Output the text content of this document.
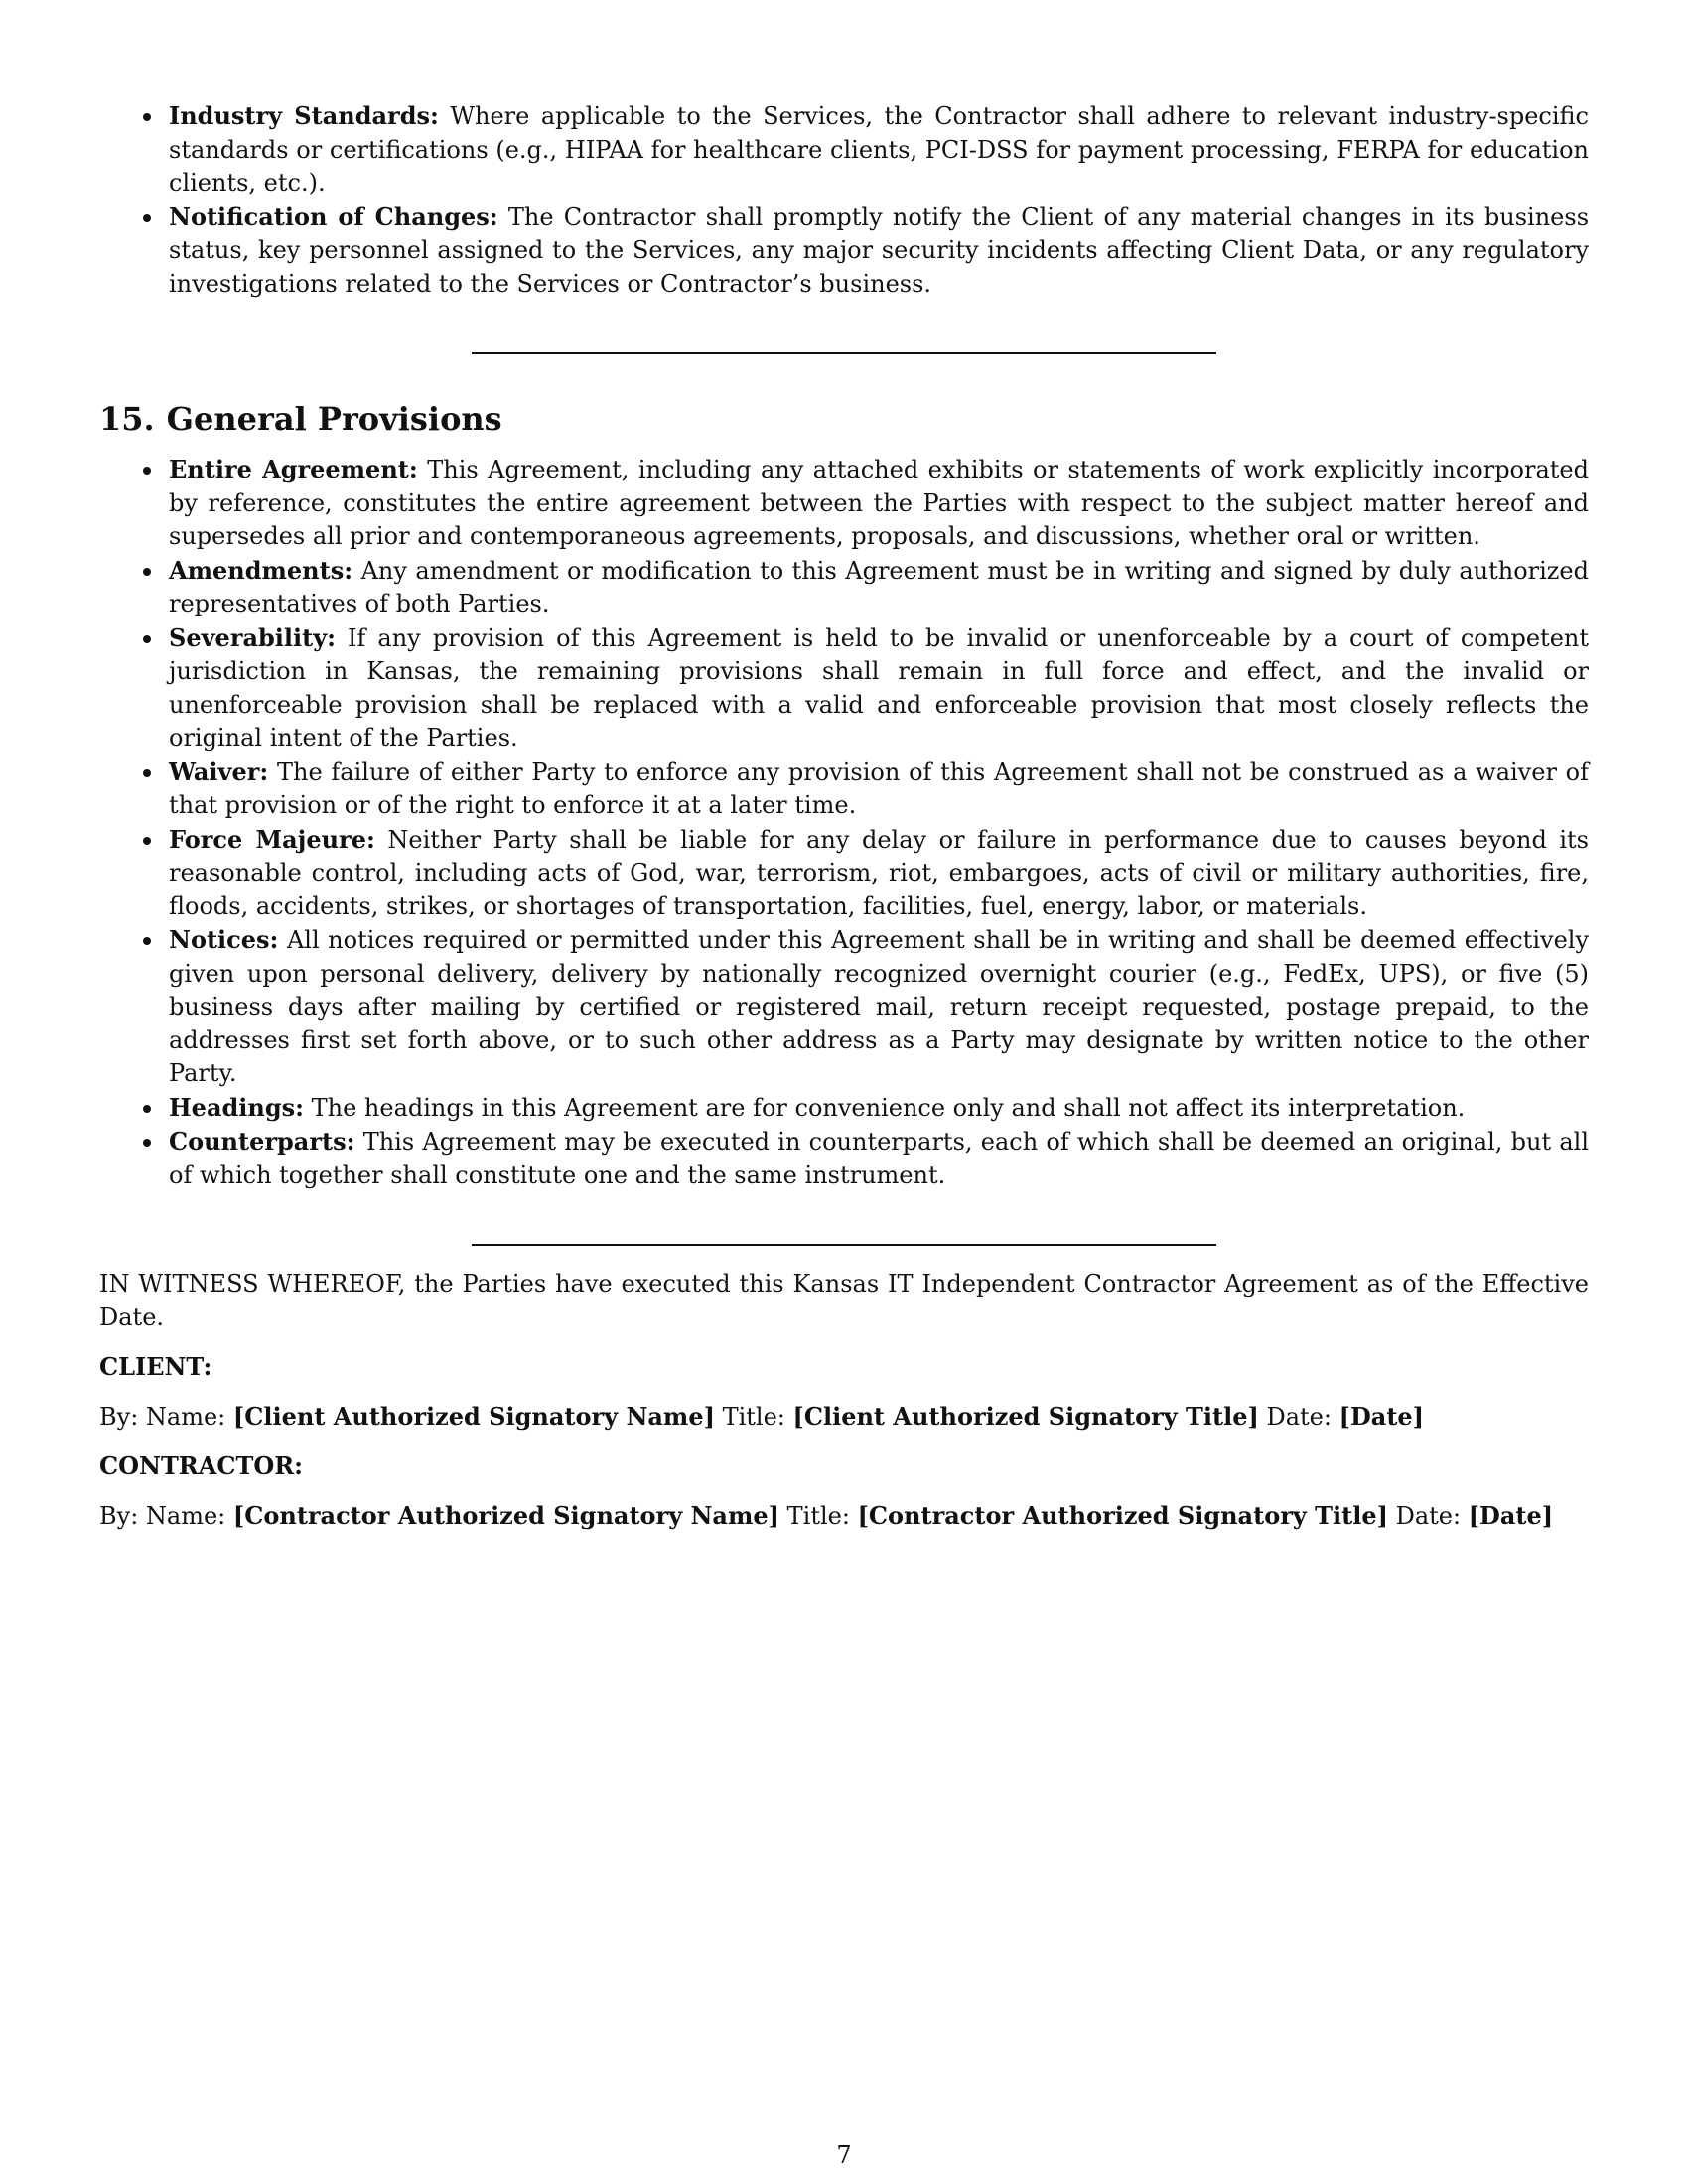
Industry Standards: Where applicable to the Services, the Contractor shall adhere to relevant industry-specific standards or certifications (e.g., HIPAA for healthcare clients, PCI-DSS for payment processing, FERPA for education clients, etc.).
Notification of Changes: The Contractor shall promptly notify the Client of any material changes in its business status, key personnel assigned to the Services, any major security incidents affecting Client Data, or any regulatory investigations related to the Services or Contractor’s business.
15. General Provisions
Entire Agreement: This Agreement, including any attached exhibits or statements of work explicitly incorporated by reference, constitutes the entire agreement between the Parties with respect to the subject matter hereof and supersedes all prior and contemporaneous agreements, proposals, and discussions, whether oral or written.
Amendments: Any amendment or modification to this Agreement must be in writing and signed by duly authorized representatives of both Parties.
Severability: If any provision of this Agreement is held to be invalid or unenforceable by a court of competent jurisdiction in Kansas, the remaining provisions shall remain in full force and effect, and the invalid or unenforceable provision shall be replaced with a valid and enforceable provision that most closely reflects the original intent of the Parties.
Waiver: The failure of either Party to enforce any provision of this Agreement shall not be construed as a waiver of that provision or of the right to enforce it at a later time.
Force Majeure: Neither Party shall be liable for any delay or failure in performance due to causes beyond its reasonable control, including acts of God, war, terrorism, riot, embargoes, acts of civil or military authorities, fire, floods, accidents, strikes, or shortages of transportation, facilities, fuel, energy, labor, or materials.
Notices: All notices required or permitted under this Agreement shall be in writing and shall be deemed effectively given upon personal delivery, delivery by nationally recognized overnight courier (e.g., FedEx, UPS), or five (5) business days after mailing by certified or registered mail, return receipt requested, postage prepaid, to the addresses first set forth above, or to such other address as a Party may designate by written notice to the other Party.
Headings: The headings in this Agreement are for convenience only and shall not affect its interpretation.
Counterparts: This Agreement may be executed in counterparts, each of which shall be deemed an original, but all of which together shall constitute one and the same instrument.

IN WITNESS WHEREOF, the Parties have executed this Kansas IT Independent Contractor Agreement as of the Effective Date.

CLIENT:

By: Name: [Client Authorized Signatory Name] Title: [Client Authorized Signatory Title] Date: [Date]

CONTRACTOR:

By: Name: [Contractor Authorized Signatory Name] Title: [Contractor Authorized Signatory Title] Date: [Date]

7
